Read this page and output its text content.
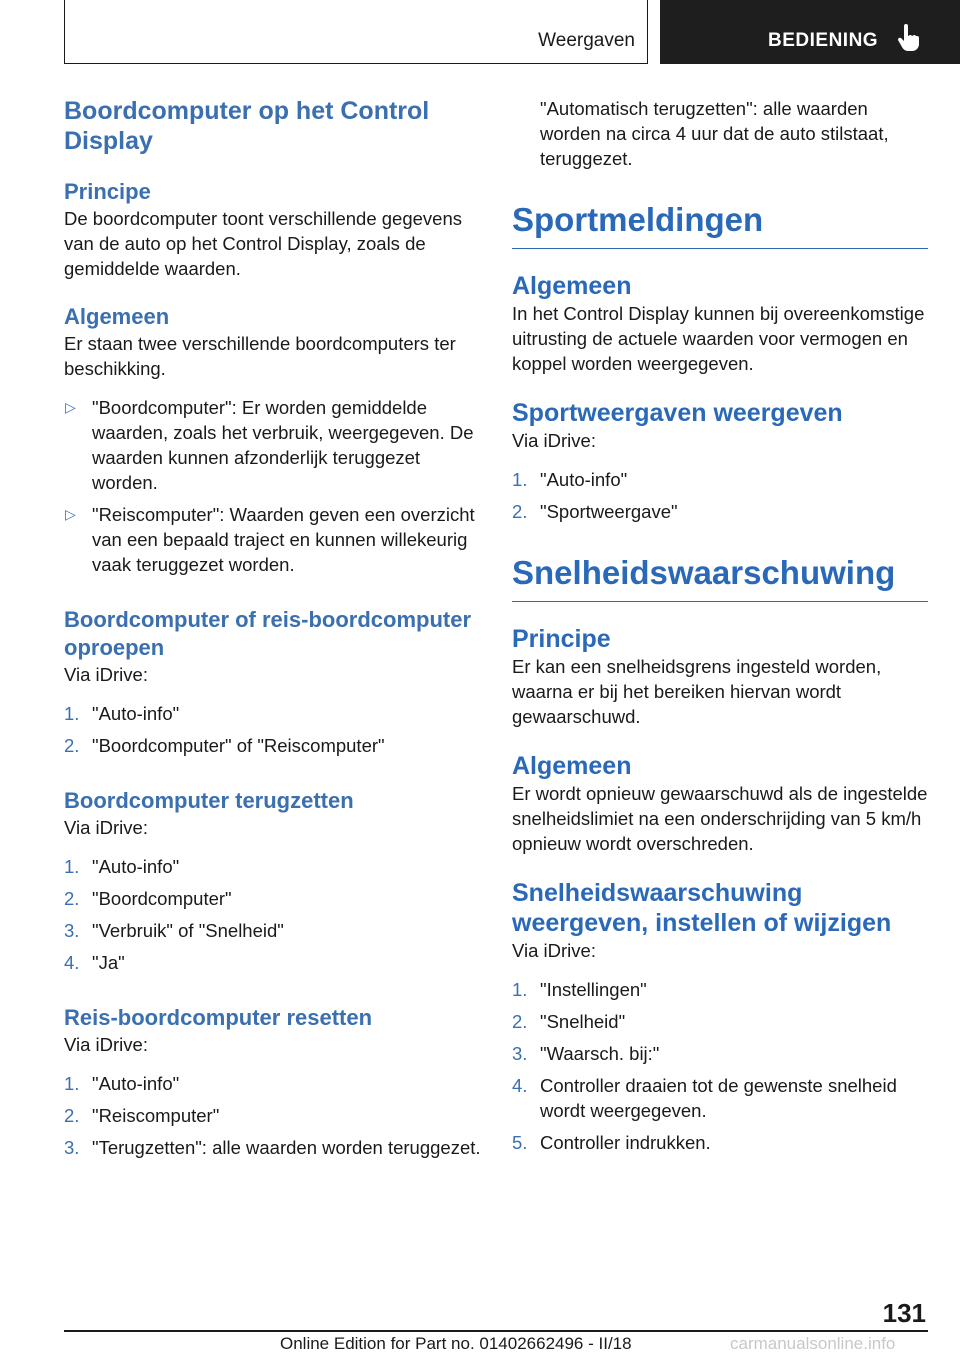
Weergaven	BEDIENING
Boordcomputer op het Control Display
Principe

De boordcomputer toont verschillende gegevens van de auto op het Control Display, zoals de gemiddelde waarden.

Algemeen

Er staan twee verschillende boordcomputers ter beschikking.

▷ "Boordcomputer": Er worden gemiddelde waarden, zoals het verbruik, weergegeven. De waarden kunnen afzonderlijk teruggezet worden.
▷ "Reiscomputer": Waarden geven een overzicht van een bepaald traject en kunnen willekeurig vaak teruggezet worden.
Boordcomputer of reis-boordcomputer oproepen

Via iDrive:

1. "Auto-info"
2. "Boordcomputer" of "Reiscomputer"
Boordcomputer terugzetten

Via iDrive:

1. "Auto-info"
2. "Boordcomputer"
3. "Verbruik" of "Snelheid"
4. "Ja"
Reis-boordcomputer resetten

Via iDrive:

1. "Auto-info"
2. "Reiscomputer"
3. "Terugzetten": alle waarden worden teruggezet.
"Automatisch terugzetten": alle waarden worden na circa 4 uur dat de auto stilstaat, teruggezet.
Sportmeldingen
Algemeen

In het Control Display kunnen bij overeenkomstige uitrusting de actuele waarden voor vermogen en koppel worden weergegeven.

Sportweergaven weergeven

Via iDrive:

1. "Auto-info"
2. "Sportweergave"
Snelheidswaarschuwing
Principe

Er kan een snelheidsgrens ingesteld worden, waarna er bij het bereiken hiervan wordt gewaarschuwd.

Algemeen

Er wordt opnieuw gewaarschuwd als de ingestelde snelheidslimiet na een onderschrijding van 5 km/h opnieuw wordt overschreden.

Snelheidswaarschuwing weergeven, instellen of wijzigen

Via iDrive:

1. "Instellingen"
2. "Snelheid"
3. "Waarsch. bij:"
4. Controller draaien tot de gewenste snelheid wordt weergegeven.
5. Controller indrukken.
131
Online Edition for Part no. 01402662496 - II/18	carmanualsonline.info
